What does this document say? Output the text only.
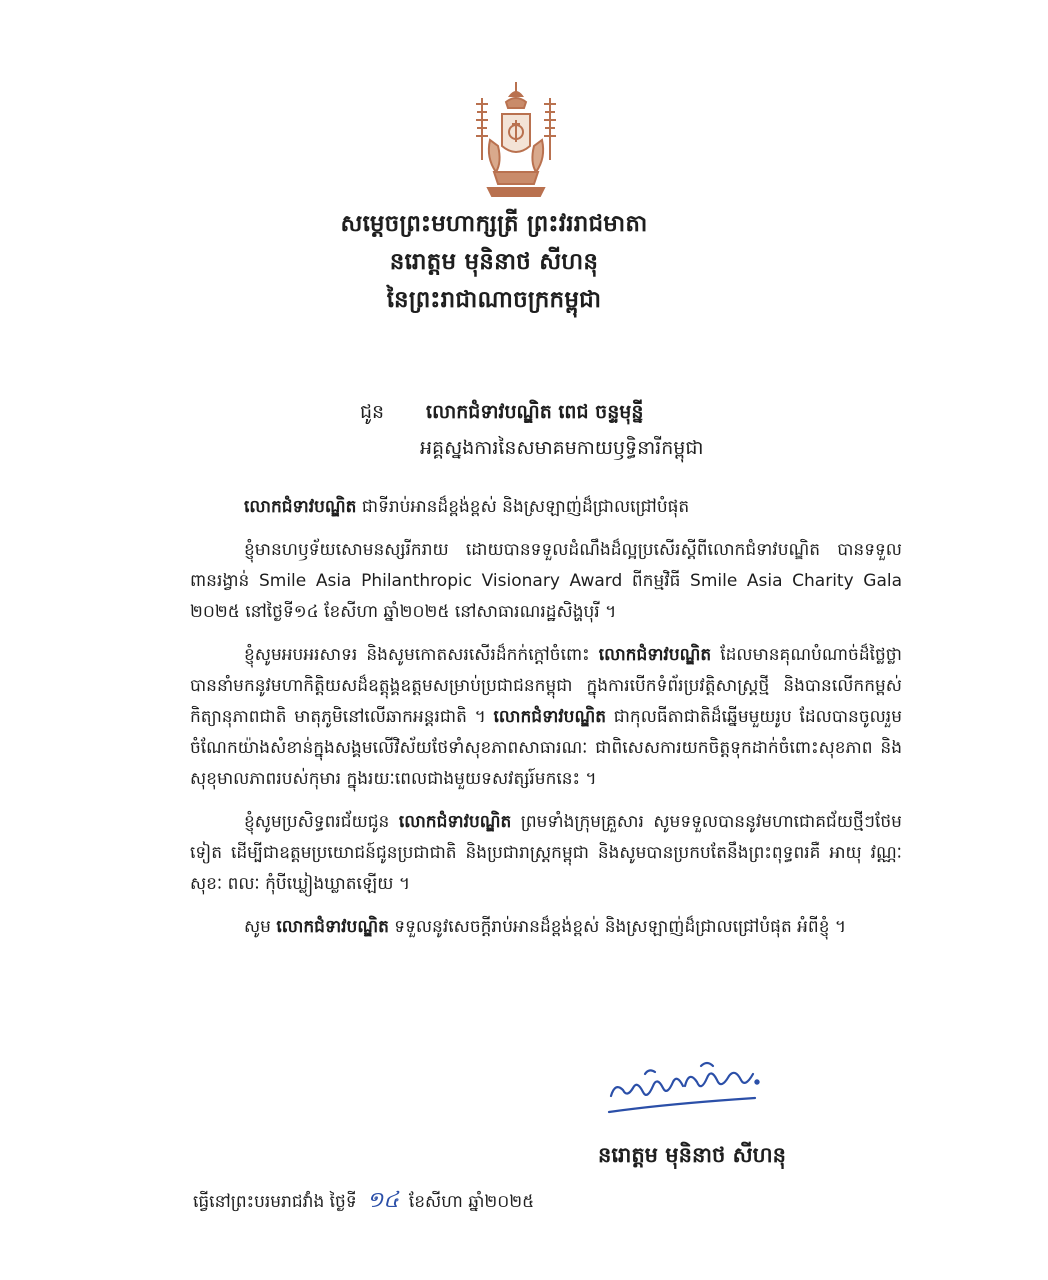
សម្ដេចព្រះមហាក្សត្រី ព្រះវររាជមាតា
នរោត្តម មុនិនាថ សីហនុ
នៃព្រះរាជាណាចក្រកម្ពុជា
ជូន លោកជំទាវបណ្ឌិត ពេជ ចន្ទមុន្នី
អគ្គស្នងការនៃសមាគមកាយឫទ្ធិនារីកម្ពុជា

លោកជំទាវបណ្ឌិត ជាទីរាប់អានដ៏ខ្ពង់ខ្ពស់ និងស្រឡាញ់ដ៏ជ្រាលជ្រៅបំផុត

ខ្ញុំមានហឫទ័យសោមនស្សរីករាយ ដោយបានទទួលដំណឹងដ៏ល្អប្រសើរស្ដីពីលោកជំទាវបណ្ឌិត បានទទួលពានរង្វាន់ Smile Asia Philanthropic Visionary Award ពីកម្មវិធី Smile Asia Charity Gala ២០២៥ នៅថ្ងៃទី១៤ ខែសីហា ឆ្នាំ២០២៥ នៅសាធារណរដ្ឋសិង្ហបុរី ។

ខ្ញុំសូមអបអរសាទរ និងសូមកោតសរសើរដ៏កក់ក្ដៅចំពោះ លោកជំទាវបណ្ឌិត ដែលមានគុណបំណាច់ដ៏ថ្លៃថ្លា បាននាំមកនូវមហាកិត្តិយសដ៏ឧត្តុង្គឧត្តមសម្រាប់ប្រជាជនកម្ពុជា ក្នុងការបើកទំព័រប្រវត្តិសាស្ត្រថ្មី និងបានលើកកម្ពស់កិត្យានុភាពជាតិ មាតុភូមិនៅលើឆាកអន្តរជាតិ ។ លោកជំទាវបណ្ឌិត ជាកុលធីតាជាតិដ៏ឆ្នើមមួយរូប ដែលបានចូលរួមចំណែកយ៉ាងសំខាន់ក្នុងសង្គមលើវិស័យថែទាំសុខភាពសាធារណៈ ជាពិសេសការយកចិត្តទុកដាក់ចំពោះសុខភាព និងសុខុមាលភាពរបស់កុមារ ក្នុងរយៈពេលជាងមួយទសវត្សរ៍មកនេះ ។

ខ្ញុំសូមប្រសិទ្ធពរជ័យជូន លោកជំទាវបណ្ឌិត ព្រមទាំងក្រុមគ្រួសារ សូមទទួលបាននូវមហាជោគជ័យថ្មីៗថែមទៀត ដើម្បីជាឧត្តមប្រយោជន៍ជូនប្រជាជាតិ និងប្រជារាស្ត្រកម្ពុជា និងសូមបានប្រកបតែនឹងព្រះពុទ្ធពរគឺ អាយុ វណ្ណៈ សុខៈ ពលៈ កុំបីឃ្លៀងឃ្លាតឡើយ ។

សូម លោកជំទាវបណ្ឌិត ទទួលនូវសេចក្ដីរាប់អានដ៏ខ្ពង់ខ្ពស់ និងស្រឡាញ់ដ៏ជ្រាលជ្រៅបំផុត អំពីខ្ញុំ ។

នរោត្តម មុនិនាថ សីហនុ
ធ្វើនៅព្រះបរមរាជវាំង ថ្ងៃទី ១៤ ខែសីហា ឆ្នាំ២០២៥
